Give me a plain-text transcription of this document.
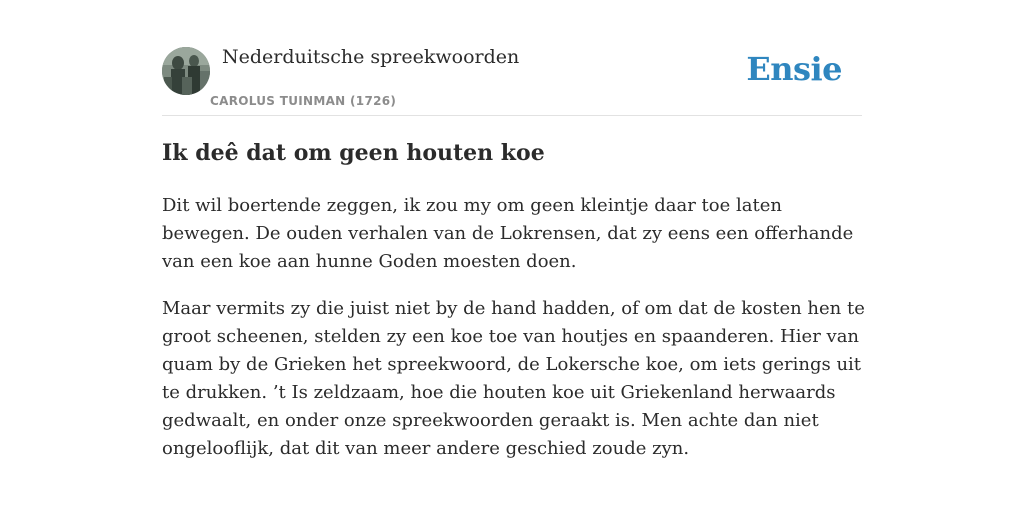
Nederduitsche spreekwoorden
CAROLUS TUINMAN (1726)
Ensie
Ik deê dat om geen houten koe

Dit wil boertende zeggen, ik zou my om geen kleintje daar toe laten bewegen. De ouden verhalen van de Lokrensen, dat zy eens een offerhande van een koe aan hunne Goden moesten doen.

Maar vermits zy die juist niet by de hand hadden, of om dat de kosten hen te groot scheenen, stelden zy een koe toe van houtjes en spaanderen. Hier van quam by de Grieken het spreekwoord, de Lokersche koe, om iets gerings uit te drukken. ’t Is zeldzaam, hoe die houten koe uit Griekenland herwaards gedwaalt, en onder onze spreekwoorden geraakt is. Men achte dan niet ongelooflijk, dat dit van meer andere geschied zoude zyn.
